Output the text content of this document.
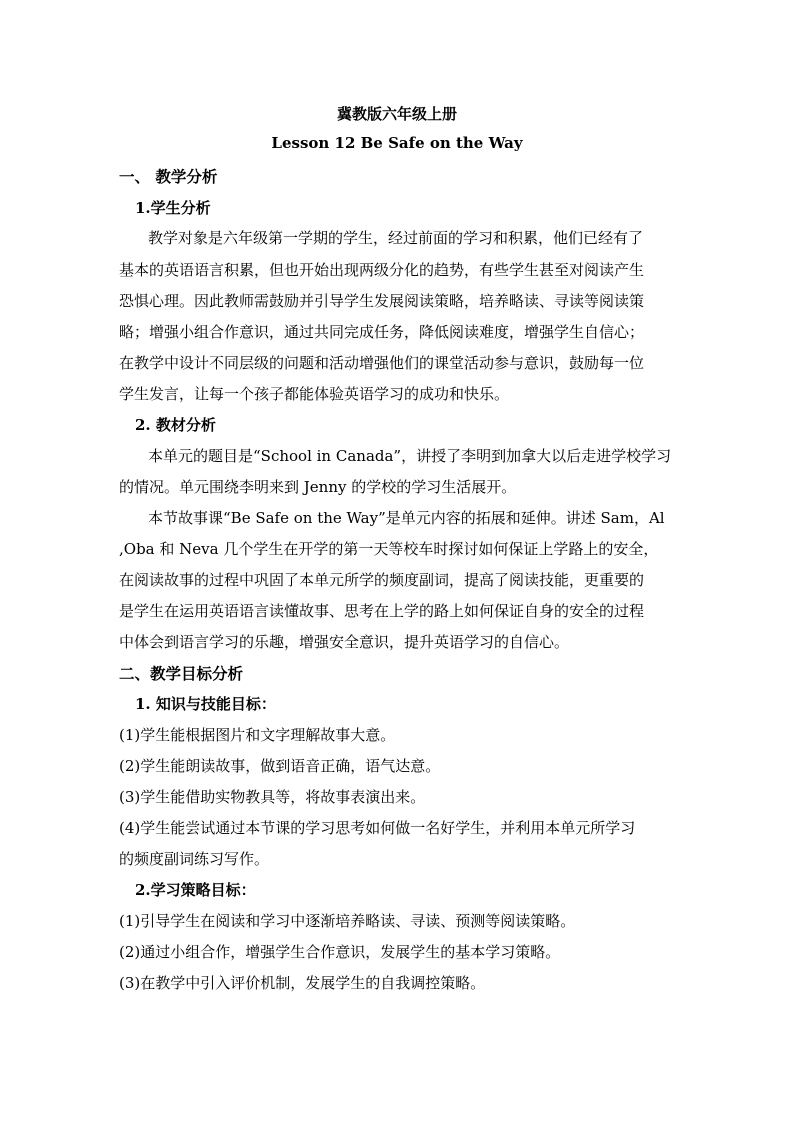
冀教版六年级上册
Lesson 12 Be Safe on the Way
一、 教学分析
1.学生分析
教学对象是六年级第一学期的学生，经过前面的学习和积累，他们已经有了
基本的英语语言积累，但也开始出现两级分化的趋势，有些学生甚至对阅读产生
恐惧心理。因此教师需鼓励并引导学生发展阅读策略，培养略读、寻读等阅读策
略；增强小组合作意识，通过共同完成任务，降低阅读难度，增强学生自信心；
在教学中设计不同层级的问题和活动增强他们的课堂活动参与意识，鼓励每一位
学生发言，让每一个孩子都能体验英语学习的成功和快乐。
2. 教材分析
本单元的题目是“School in Canada”，讲授了李明到加拿大以后走进学校学习
的情况。单元围绕李明来到 Jenny 的学校的学习生活展开。
本节故事课“Be Safe on the Way”是单元内容的拓展和延伸。讲述 Sam，Al
,Oba 和 Neva 几个学生在开学的第一天等校车时探讨如何保证上学路上的安全，
在阅读故事的过程中巩固了本单元所学的频度副词，提高了阅读技能，更重要的
是学生在运用英语语言读懂故事、思考在上学的路上如何保证自身的安全的过程
中体会到语言学习的乐趣，增强安全意识，提升英语学习的自信心。
二、教学目标分析
1. 知识与技能目标：
(1)学生能根据图片和文字理解故事大意。
(2)学生能朗读故事，做到语音正确，语气达意。
(3)学生能借助实物教具等，将故事表演出来。
(4)学生能尝试通过本节课的学习思考如何做一名好学生，并利用本单元所学习
的频度副词练习写作。
2.学习策略目标：
(1)引导学生在阅读和学习中逐渐培养略读、寻读、预测等阅读策略。
(2)通过小组合作，增强学生合作意识，发展学生的基本学习策略。
(3)在教学中引入评价机制，发展学生的自我调控策略。
